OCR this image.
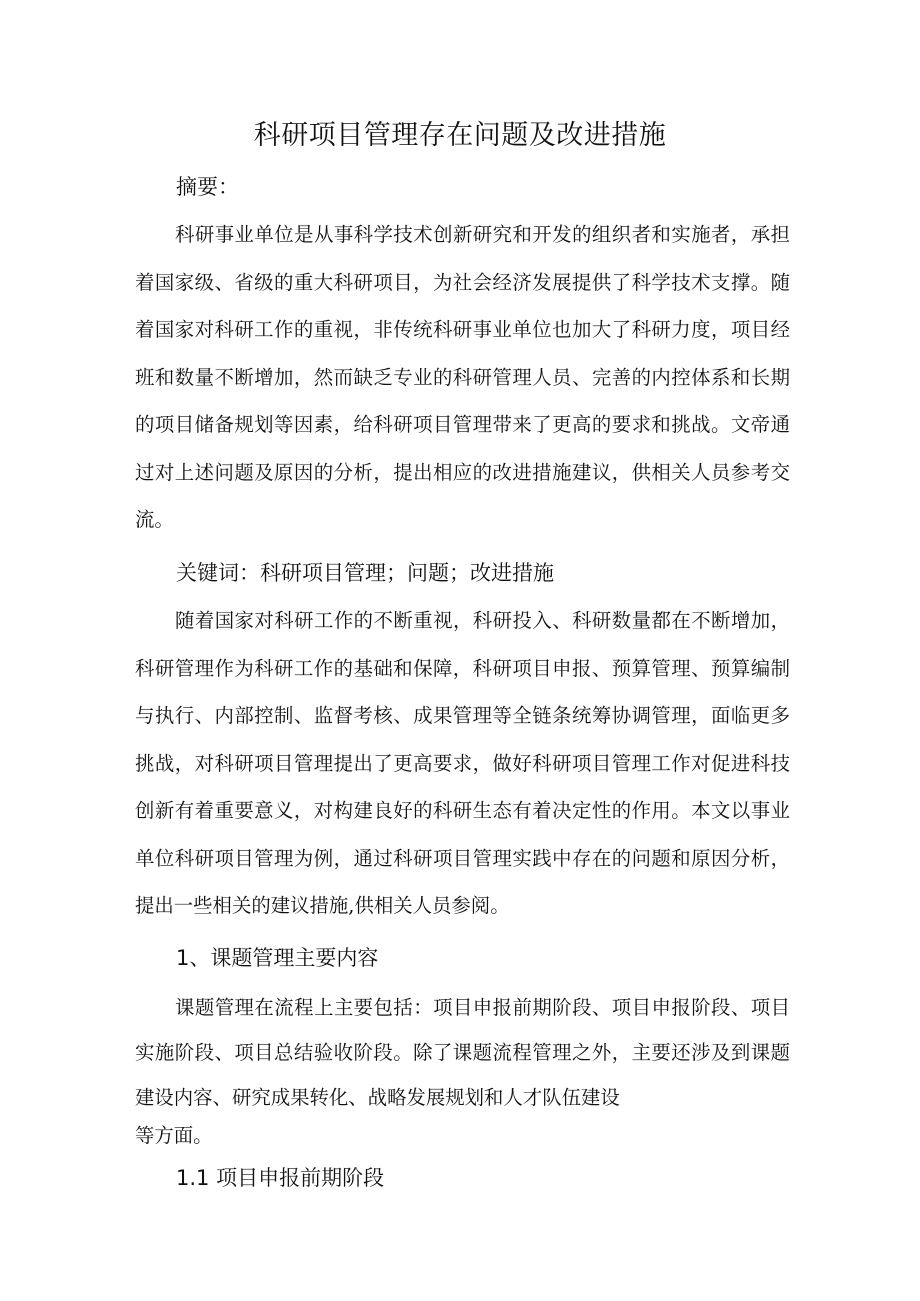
科研项目管理存在问题及改进措施
摘要：

科研事业单位是从事科学技术创新研究和开发的组织者和实施者，承担着国家级、省级的重大科研项目，为社会经济发展提供了科学技术支撑。随着国家对科研工作的重视，非传统科研事业单位也加大了科研力度，项目经班和数量不断增加，然而缺乏专业的科研管理人员、完善的内控体系和长期的项目储备规划等因素，给科研项目管理带来了更高的要求和挑战。文帝通过对上述问题及原因的分析，提出相应的改进措施建议，供相关人员参考交流。

关键词：科研项目管理；问题；改进措施

随着国家对科研工作的不断重视，科研投入、科研数量都在不断增加，科研管理作为科研工作的基础和保障，科研项目申报、预算管理、预算编制与执行、内部控制、监督考核、成果管理等全链条统筹协调管理，面临更多挑战，对科研项目管理提出了更高要求，做好科研项目管理工作对促进科技创新有着重要意义，对构建良好的科研生态有着决定性的作用。本文以事业单位科研项目管理为例，通过科研项目管理实践中存在的问题和原因分析，提出一些相关的建议措施,供相关人员参阅。

1、课题管理主要内容

课题管理在流程上主要包括：项目申报前期阶段、项目申报阶段、项目实施阶段、项目总结验收阶段。除了课题流程管理之外，主要还涉及到课题建设内容、研究成果转化、战略发展规划和人才队伍建设

等方面。
1.1 项目申报前期阶段
